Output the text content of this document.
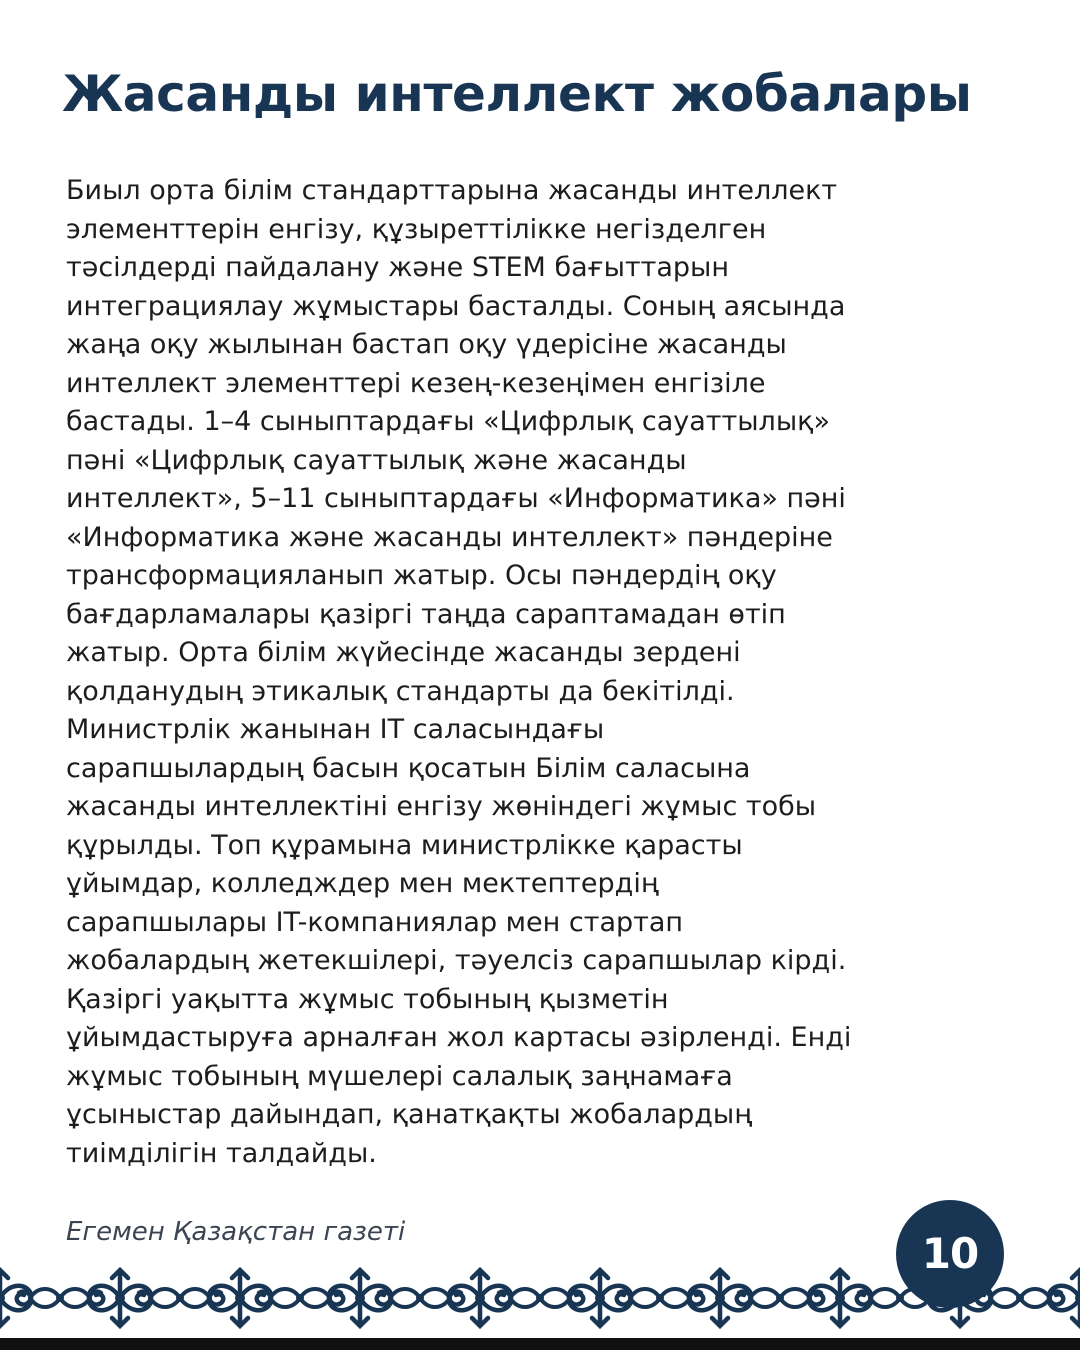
Жасанды интеллект жобалары
Биыл орта білім стандарттарына жасанды интеллект
элементтерін енгізу, құзыреттілікке негізделген
тәсілдерді пайдалану және STEM бағыттарын
интеграциялау жұмыстары басталды. Соның аясында
жаңа оқу жылынан бастап оқу үдерісіне жасанды
интеллект элементтері кезең-кезеңімен енгізіле
бастады. 1–4 сыныптардағы «Цифрлық сауаттылық»
пәні «Цифрлық сауаттылық және жасанды
интеллект», 5–11 сыныптардағы «Информатика» пәні
«Информатика және жасанды интеллект» пәндеріне
трансформацияланып жатыр. Осы пәндердің оқу
бағдарламалары қазіргі таңда сараптамадан өтіп
жатыр. Орта білім жүйесінде жасанды зерденi
қолданудың этикалық стандарты да бекітілді.
Министрлік жанынан IT саласындағы
сарапшылардың басын қосатын Білім саласына
жасанды интеллектіні енгізу жөніндегі жұмыс тобы
құрылды. Топ құрамына министрлікке қарасты
ұйымдар, колледждер мен мектептердің
сарапшылары IT-компаниялар мен стартап
жобалардың жетекшілері, тәуелсіз сарапшылар кірді.
Қазіргі уақытта жұмыс тобының қызметін
ұйымдастыруға арналған жол картасы әзірленді. Енді
жұмыс тобының мүшелері салалық заңнамаға
ұсыныстар дайындап, қанатқақты жобалардың
тиімділігін талдайды.

Егемен Қазақстан газеті	10
